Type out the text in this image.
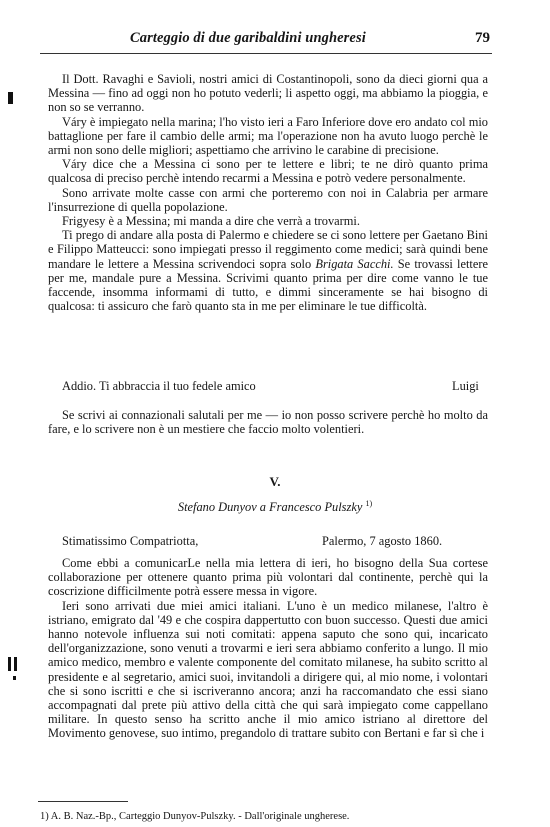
Carteggio di due garibaldini ungheresi	79

Il Dott. Ravaghi e Savioli, nostri amici di Costantinopoli, sono da dieci giorni qua a Messina — fino ad oggi non ho potuto vederli; li aspetto oggi, ma abbiamo la pioggia, e non so se verranno.

Váry è impiegato nella marina; l'ho visto ieri a Faro Inferiore dove ero andato col mio battaglione per fare il cambio delle armi; ma l'operazione non ha avuto luogo perchè le armi non sono delle migliori; aspettiamo che arrivino le carabine di precisione.

Váry dice che a Messina ci sono per te lettere e libri; te ne dirò quanto prima qualcosa di preciso perchè intendo recarmi a Messina e potrò vedere personalmente.

Sono arrivate molte casse con armi che porteremo con noi in Calabria per armare l'insurrezione di quella popolazione.

Frigyesy è a Messina; mi manda a dire che verrà a trovarmi.

Ti prego di andare alla posta di Palermo e chiedere se ci sono lettere per Gaetano Bini e Filippo Matteucci: sono impiegati presso il reggimento come medici; sarà quindi bene mandare le lettere a Messina scrivendoci sopra solo Brigata Sacchi. Se trovassi lettere per me, mandale pure a Messina. Scrivimi quanto prima per dire come vanno le tue faccende, insomma informami di tutto, e dimmi sinceramente se hai bisogno di qualcosa: ti assicuro che farò quanto sta in me per eliminare le tue difficoltà.

Addio. Ti abbraccia il tuo fedele amico	Luigi

Se scrivi ai connazionali salutali per me — io non posso scrivere perchè ho molto da fare, e lo scrivere non è un mestiere che faccio molto volentieri.

V.
Stefano Dunyov a Francesco Pulszky $^{1)}$
Stimatissimo Compatriotta,	Palermo, 7 agosto 1860.

Come ebbi a comunicarLe nella mia lettera di ieri, ho bisogno della Sua cortese collaborazione per ottenere quanto prima più volontari dal continente, perchè qui la coscrizione difficilmente potrà essere messa in vigore.

Ieri sono arrivati due miei amici italiani. L'uno è un medico milanese, l'altro è istriano, emigrato dal '49 e che cospira dappertutto con buon successo. Questi due amici hanno notevole influenza sui noti comitati: appena saputo che sono qui, incaricato dell'organizzazione, sono venuti a trovarmi e ieri sera abbiamo conferito a lungo. Il mio amico medico, membro e valente componente del comitato milanese, ha subito scritto al presidente e al segretario, amici suoi, invitandoli a dirigere qui, al mio nome, i volontari che si sono iscritti e che si iscriveranno ancora; anzi ha raccomandato che essi siano accompagnati dal prete più attivo della città che qui sarà impiegato come cappellano militare. In questo senso ha scritto anche il mio amico istriano al direttore del Movimento genovese, suo intimo, pregandolo di trattare subito con Bertani e far sì che i

1) A. B. Naz.-Bp., Carteggio Dunyov-Pulszky. - Dall'originale ungherese.
